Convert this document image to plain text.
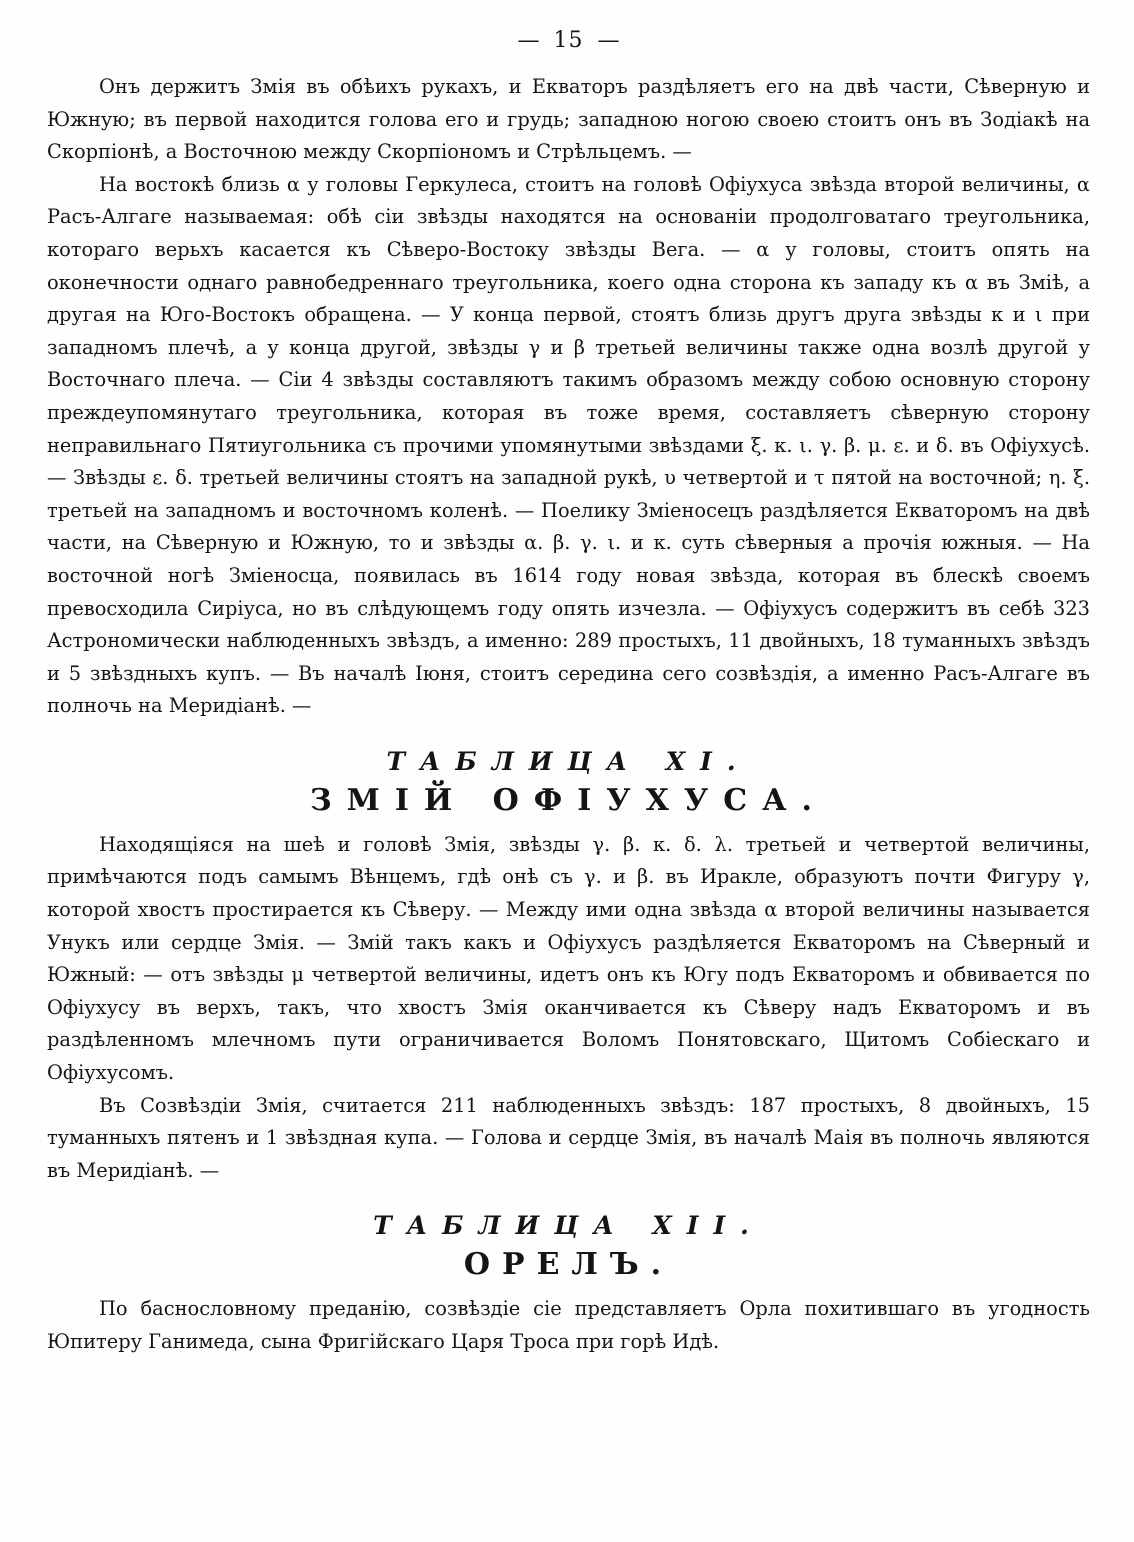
— 15 —

Онъ держитъ Змія въ обѣихъ рукахъ, и Екваторъ раздѣляетъ его на двѣ части, Сѣверную и Южную; въ первой находится голова его и грудь; западною ногою своею стоитъ онъ въ Зодіакѣ на Скорпіонѣ, а Восточною между Скорпіономъ и Стрѣльцемъ. —

На востокѣ близь α у головы Геркулеса, стоитъ на головѣ Офіухуса звѣзда второй величины, α Расъ-Алгаге называемая: обѣ сіи звѣзды находятся на основаніи продолговатаго треугольника, котораго верьхъ касается къ Сѣверо-Востоку звѣзды Вега. — α у головы, стоитъ опять на оконечности однаго равнобедреннаго треугольника, коего одна сторона къ западу къ α въ Змiѣ, а другая на Юго-Востокъ обращена. — У конца первой, стоятъ близь другъ друга звѣзды κ и ι при западномъ плечѣ, а у конца другой, звѣзды γ и β третьей величины также одна возлѣ другой у Восточнаго плеча. — Сіи 4 звѣзды составляютъ такимъ образомъ между собою основную сторону преждеупомянутаго треугольника, которая въ тоже время, составляетъ сѣверную сторону неправильнаго Пятиугольника съ прочими упомянутыми звѣздами ξ. κ. ι. γ. β. μ. ε. и δ. въ Офіухусѣ. — Звѣзды ε. δ. третьей величины стоятъ на западной рукѣ, υ четвертой и τ пятой на восточной; η. ξ. третьей на западномъ и восточномъ коленѣ. — Поелику Змiеносецъ раздѣляется Екваторомъ на двѣ части, на Сѣверную и Южную, то и звѣзды α. β. γ. ι. и κ. суть сѣверныя а прочія южныя. — На восточной ногѣ Змiеносца, появилась въ 1614 году новая звѣзда, которая въ блескѣ своемъ превосходила Сиріуса, но въ слѣдующемъ году опять изчезла. — Офіухусъ содержитъ въ себѣ 323 Астрономически наблюденныхъ звѣздъ, а именно: 289 простыхъ, 11 двойныхъ, 18 туманныхъ звѣздъ и 5 звѣздныхъ купъ. — Въ началѣ Іюня, стоитъ середина сего созвѣздія, а именно Расъ-Алгаге въ полночь на Меридіанѣ. —

ТАБЛИЦА XI.
ЗМІЙ ОФІУХУСА.

Находящіяся на шеѣ и головѣ Змія, звѣзды γ. β. κ. δ. λ. третьей и четвертой величины, примѣчаются подъ самымъ Вѣнцемъ, гдѣ онѣ съ γ. и β. въ Иракле, образуютъ почти Фигуру γ, которой хвостъ простирается къ Сѣверу. — Между ими одна звѣзда α второй величины называется Унукъ или сердце Змія. — Змій такъ какъ и Офіухусъ раздѣляется Екваторомъ на Сѣверный и Южный: — отъ звѣзды μ четвертой величины, идетъ онъ къ Югу подъ Екваторомъ и обвивается по Офіухусу въ верхъ, такъ, что хвостъ Змія оканчивается къ Сѣверу надъ Екваторомъ и въ раздѣленномъ млечномъ пути ограничивается Воломъ Понятовскаго, Щитомъ Собіескаго и Офіухусомъ.

Въ Созвѣздіи Змія, считается 211 наблюденныхъ звѣздъ: 187 простыхъ, 8 двойныхъ, 15 туманныхъ пятенъ и 1 звѣздная купа. — Голова и сердце Змія, въ началѣ Маія въ полночь являются въ Меридіанѣ. —

ТАБЛИЦА XII.
ОРЕЛЪ.

По баснословному преданію, созвѣздіе сіе представляетъ Орла похитившаго въ угодность Юпитеру Ганимеда, сына Фригійскаго Царя Троса при горѣ Идѣ.
